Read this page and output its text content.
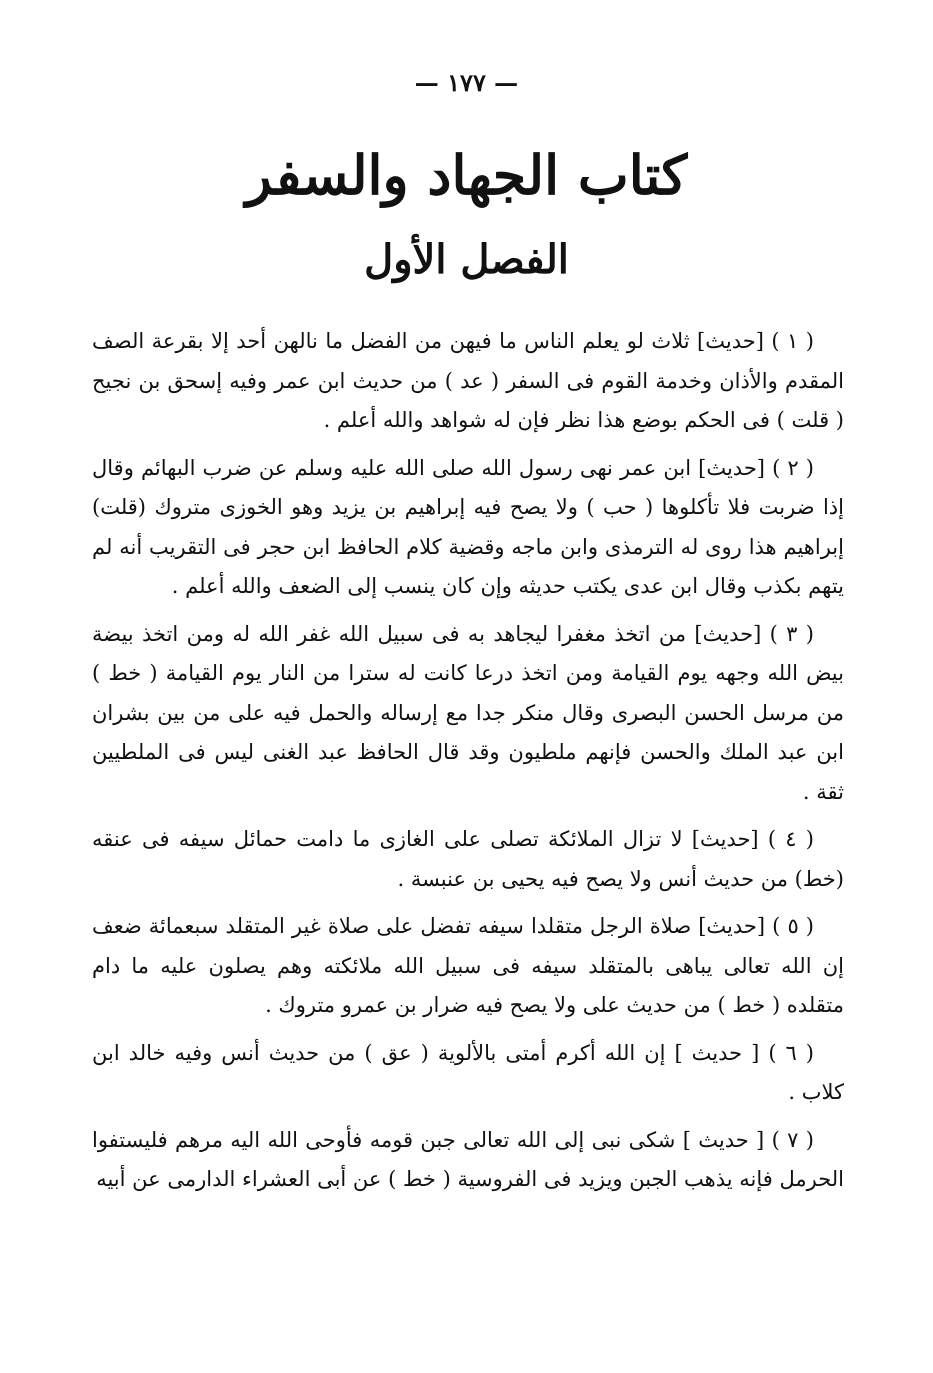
— ١٧٧ —
كتاب الجهاد والسفر
الفصل الأول

( ١ ) [حديث] ثلاث لو يعلم الناس ما فيهن من الفضل ما نالهن أحد إلا بقرعة الصف المقدم والأذان وخدمة القوم فى السفر ( عد ) من حديث ابن عمر وفيه إسحق بن نجيح ( قلت ) فى الحكم بوضع هذا نظر فإن له شواهد والله أعلم .

( ٢ ) [حديث] ابن عمر نهى رسول الله صلى الله عليه وسلم عن ضرب البهائم وقال إذا ضربت فلا تأكلوها ( حب ) ولا يصح فيه إبراهيم بن يزيد وهو الخوزى متروك (قلت) إبراهيم هذا روى له الترمذى وابن ماجه وقضية كلام الحافظ ابن حجر فى التقريب أنه لم يتهم بكذب وقال ابن عدى يكتب حديثه وإن كان ينسب إلى الضعف والله أعلم .

( ٣ ) [حديث] من اتخذ مغفرا ليجاهد به فى سبيل الله غفر الله له ومن اتخذ بيضة بيض الله وجهه يوم القيامة ومن اتخذ درعا كانت له سترا من النار يوم القيامة ( خط ) من مرسل الحسن البصرى وقال منكر جدا مع إرساله والحمل فيه على من بين بشران ابن عبد الملك والحسن فإنهم ملطيون وقد قال الحافظ عبد الغنى ليس فى الملطيين ثقة .

( ٤ ) [حديث] لا تزال الملائكة تصلى على الغازى ما دامت حمائل سيفه فى عنقه (خط) من حديث أنس ولا يصح فيه يحيى بن عنبسة .

( ٥ ) [حديث] صلاة الرجل متقلدا سيفه تفضل على صلاة غير المتقلد سبعمائة ضعف إن الله تعالى يباهى بالمتقلد سيفه فى سبيل الله ملائكته وهم يصلون عليه ما دام متقلده ( خط ) من حديث على ولا يصح فيه ضرار بن عمرو متروك .

( ٦ ) [ حديث ] إن الله أكرم أمتى بالألوية ( عق ) من حديث أنس وفيه خالد ابن كلاب .

( ٧ ) [ حديث ] شكى نبى إلى الله تعالى جبن قومه فأوحى الله اليه مرهم فليستفوا الحرمل فإنه يذهب الجبن ويزيد فى الفروسية ( خط ) عن أبى العشراء الدارمى عن أبيه
